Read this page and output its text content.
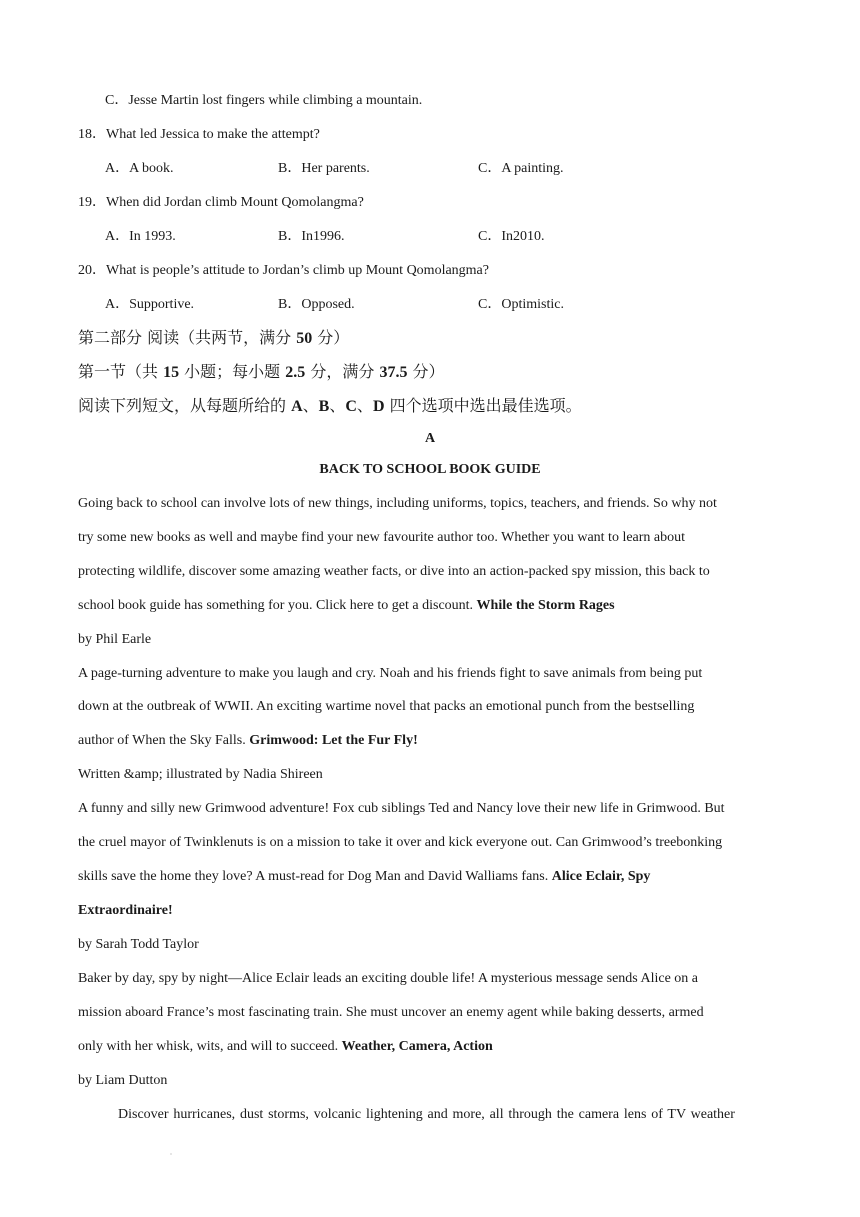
C．Jesse Martin lost fingers while climbing a mountain.
18．What led Jessica to make the attempt?
A．A book.	B．Her parents.	C．A painting.
19．When did Jordan climb Mount Qomolangma?
A．In 1993.	B．In1996.	C．In2010.
20．What is people’s attitude to Jordan’s climb up Mount Qomolangma?
A．Supportive.	B．Opposed.	C．Optimistic.
第二部分 阅读（共两节，满分 50 分）
第一节（共 15 小题；每小题 2.5 分，满分 37.5 分）
阅读下列短文，从每题所给的 A、B、C、D 四个选项中选出最佳选项。
A
BACK TO SCHOOL BOOK GUIDE
Going back to school can involve lots of new things, including uniforms, topics, teachers, and friends. So why not
try some new books as well and maybe find your new favourite author too. Whether you want to learn about
protecting wildlife, discover some amazing weather facts, or dive into an action-packed spy mission, this back to
school book guide has something for you. Click here to get a discount. While the Storm Rages
by Phil Earle
A page-turning adventure to make you laugh and cry. Noah and his friends fight to save animals from being put
down at the outbreak of WWII. An exciting wartime novel that packs an emotional punch from the bestselling
author of When the Sky Falls. Grimwood: Let the Fur Fly!
Written &amp; illustrated by Nadia Shireen
A funny and silly new Grimwood adventure! Fox cub siblings Ted and Nancy love their new life in Grimwood. But
the cruel mayor of Twinklenuts is on a mission to take it over and kick everyone out. Can Grimwood’s treebonking
skills save the home they love? A must-read for Dog Man and David Walliams fans. Alice Eclair, Spy
Extraordinaire!
by Sarah Todd Taylor
Baker by day, spy by night—Alice Eclair leads an exciting double life! A mysterious message sends Alice on a
mission aboard France’s most fascinating train. She must uncover an enemy agent while baking desserts, armed
only with her whisk, wits, and will to succeed. Weather, Camera, Action
by Liam Dutton
Discover hurricanes, dust storms, volcanic lightening and more, all through the camera lens of TV weather
